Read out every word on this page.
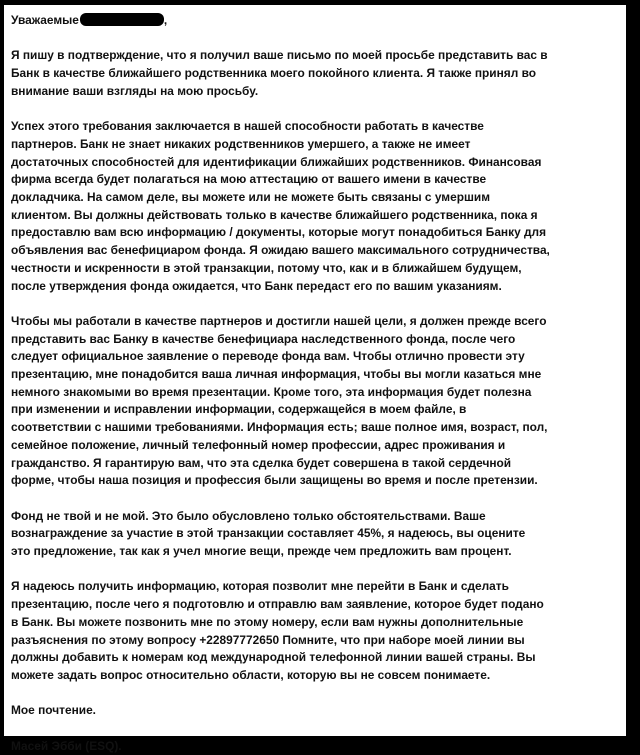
Уважаемые	,
Я пишу в подтверждение, что я получил ваше письмо по моей просьбе представить вас в
Банк в качестве ближайшего родственника моего покойного клиента. Я также принял во
внимание ваши взгляды на мою просьбу.
Успех этого требования заключается в нашей способности работать в качестве
партнеров. Банк не знает никаких родственников умершего, а также не имеет
достаточных способностей для идентификации ближайших родственников. Финансовая
фирма всегда будет полагаться на мою аттестацию от вашего имени в качестве
докладчика. На самом деле, вы можете или не можете быть связаны с умершим
клиентом. Вы должны действовать только в качестве ближайшего родственника, пока я
предоставлю вам всю информацию / документы, которые могут понадобиться Банку для
объявления вас бенефициаром фонда. Я ожидаю вашего максимального сотрудничества,
честности и искренности в этой транзакции, потому что, как и в ближайшем будущем,
после утверждения фонда ожидается, что Банк передаст его по вашим указаниям.
Чтобы мы работали в качестве партнеров и достигли нашей цели, я должен прежде всего
представить вас Банку в качестве бенефициара наследственного фонда, после чего
следует официальное заявление о переводе фонда вам. Чтобы отлично провести эту
презентацию, мне понадобится ваша личная информация, чтобы вы могли казаться мне
немного знакомыми во время презентации. Кроме того, эта информация будет полезна
при изменении и исправлении информации, содержащейся в моем файле, в
соответствии с нашими требованиями. Информация есть; ваше полное имя, возраст, пол,
семейное положение, личный телефонный номер профессии, адрес проживания и
гражданство. Я гарантирую вам, что эта сделка будет совершена в такой сердечной
форме, чтобы наша позиция и профессия были защищены во время и после претензии.
Фонд не твой и не мой. Это было обусловлено только обстоятельствами. Ваше
вознаграждение за участие в этой транзакции составляет 45%, я надеюсь, вы оцените
это предложение, так как я учел многие вещи, прежде чем предложить вам процент.
Я надеюсь получить информацию, которая позволит мне перейти в Банк и сделать
презентацию, после чего я подготовлю и отправлю вам заявление, которое будет подано
в Банк. Вы можете позвонить мне по этому номеру, если вам нужны дополнительные
разъяснения по этому вопросу +22897772650 Помните, что при наборе моей линии вы
должны добавить к номерам код международной телефонной линии вашей страны. Вы
можете задать вопрос относительно области, которую вы не совсем понимаете.
Мое почтение.
Масей Эбби (ESQ).
